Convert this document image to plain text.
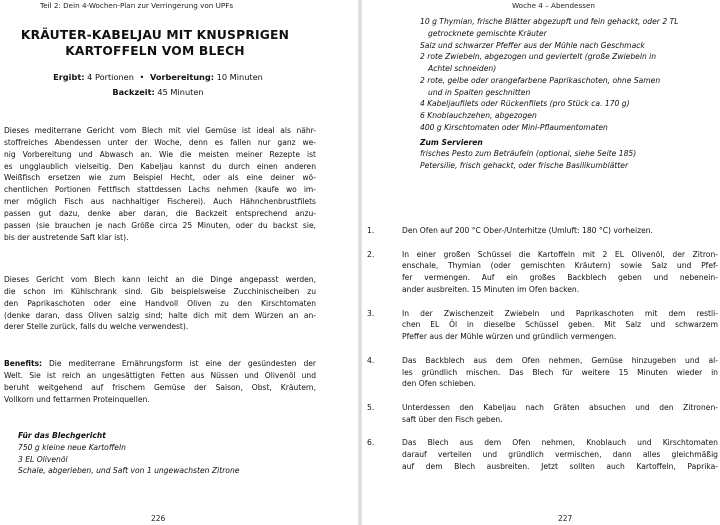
Teil 2: Dein 4-Wochen-Plan zur Verringerung von UPFs
KRÄUTER-KABELJAU MIT KNUSPRIGEN
KARTOFFELN VOM BLECH
Ergibt: 4 Portionen • Vorbereitung: 10 Minuten
Backzeit: 45 Minuten
Dieses mediterrane Gericht vom Blech mit viel Gemüse ist ideal als nähr-
stoffreiches Abendessen unter der Woche, denn es fallen nur ganz we-
nig Vorbereitung und Abwasch an. Wie die meisten meiner Rezepte ist
es ungglaublich vielseitig. Den Kabeljau kannst du durch einen anderen
Weißfisch ersetzen wie zum Beispiel Hecht, oder als eine deiner wö-
chentlichen Portionen Fettfisch stattdessen Lachs nehmen (kaufe wo im-
mer möglich Fisch aus nachhaltiger Fischerei). Auch Hähnchenbrustfilets
passen gut dazu, denke aber daran, die Backzeit entsprechend anzu-
passen (sie brauchen je nach Größe circa 25 Minuten, oder du backst sie,
bis der austretende Saft klar ist).
Dieses Gericht vom Blech kann leicht an die Dinge angepasst werden,
die schon im Kühlschrank sind. Gib beispielsweise Zucchinischeiben zu
den Paprikaschoten oder eine Handvoll Oliven zu den Kirschtomaten
(denke daran, dass Oliven salzig sind; halte dich mit dem Würzen an an-
derer Stelle zurück, falls du welche verwendest).
Benefits: Die mediterrane Ernährungsform ist eine der gesündesten der
Welt. Sie ist reich an ungesättigten Fetten aus Nüssen und Olivenöl und
beruht weitgehend auf frischem Gemüse der Saison, Obst, Kräutern,
Vollkorn und fettarmen Proteinquellen.
Für das Blechgericht
750 g kleine neue Kartoffeln
3 EL Olivenöl
Schale, abgerieben, und Saft von 1 ungewachsten Zitrone
226
Woche 4 – Abendessen
10 g Thymian, frische Blätter abgezupft und fein gehackt, oder 2 TL
getrocknete gemischte Kräuter
Salz und schwarzer Pfeffer aus der Mühle nach Geschmack
2 rote Zwiebeln, abgezogen und geviertelt (große Zwiebeln in
Achtel schneiden)
2 rote, gelbe oder orangefarbene Paprikaschoten, ohne Samen
und in Spalten geschnitten
4 Kabeljaufilets oder Rückenfilets (pro Stück ca. 170 g)
6 Knoblauchzehen, abgezogen
400 g Kirschtomaten oder Mini-Pflaumentomaten
Zum Servieren
frisches Pesto zum Beträufeln (optional, siehe Seite 185)
Petersilie, frisch gehackt, oder frische Basilikumblätter
1.	Den Ofen auf 200 °C Ober-/Unterhitze (Umluft: 180 °C) vorheizen.
2.	In einer großen Schüssel die Kartoffeln mit 2 EL Olivenöl, der Zitron-
enschale, Thymian (oder gemischten Kräutern) sowie Salz und Pfef-
fer vermengen. Auf ein großes Backblech geben und nebenein-
ander ausbreiten. 15 Minuten im Ofen backen.
3.	In der Zwischenzeit Zwiebeln und Paprikaschoten mit dem restli-
chen EL Öl in dieselbe Schüssel geben. Mit Salz und schwarzem
Pfeffer aus der Mühle würzen und gründlich vermengen.
4.	Das Backblech aus dem Ofen nehmen, Gemüse hinzugeben und al-
les gründlich mischen. Das Blech für weitere 15 Minuten wieder in
den Ofen schieben.
5.	Unterdessen den Kabeljau nach Gräten absuchen und den Zitronen-
saft über den Fisch geben.
6.	Das Blech aus dem Ofen nehmen, Knoblauch und Kirschtomaten
darauf verteilen und gründlich vermischen, dann alles gleichmäßig
auf dem Blech ausbreiten. Jetzt sollten auch Kartoffeln, Paprika-
227
